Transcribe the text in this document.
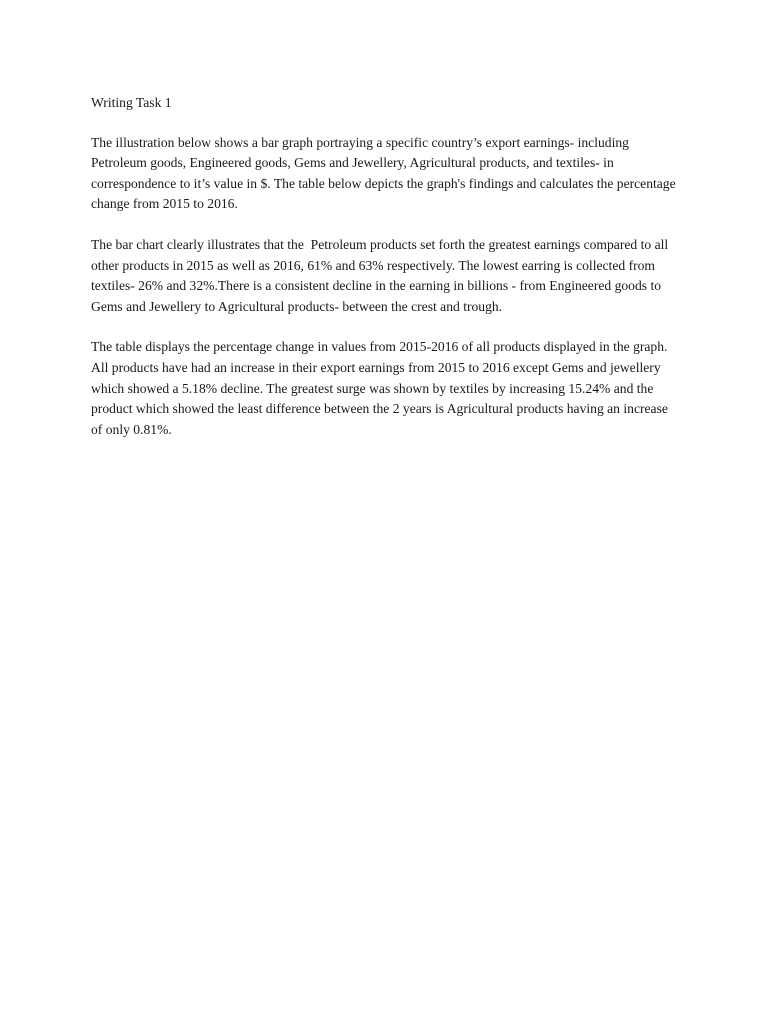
Writing Task 1

The illustration below shows a bar graph portraying a specific country’s export earnings- including Petroleum goods, Engineered goods, Gems and Jewellery, Agricultural products, and textiles- in correspondence to it’s value in $. The table below depicts the graph's findings and calculates the percentage change from 2015 to 2016.

The bar chart clearly illustrates that the  Petroleum products set forth the greatest earnings compared to all other products in 2015 as well as 2016, 61% and 63% respectively. The lowest earring is collected from textiles- 26% and 32%.There is a consistent decline in the earning in billions - from Engineered goods to Gems and Jewellery to Agricultural products- between the crest and trough.

The table displays the percentage change in values from 2015-2016 of all products displayed in the graph. All products have had an increase in their export earnings from 2015 to 2016 except Gems and jewellery which showed a 5.18% decline. The greatest surge was shown by textiles by increasing 15.24% and the product which showed the least difference between the 2 years is Agricultural products having an increase of only 0.81%.
